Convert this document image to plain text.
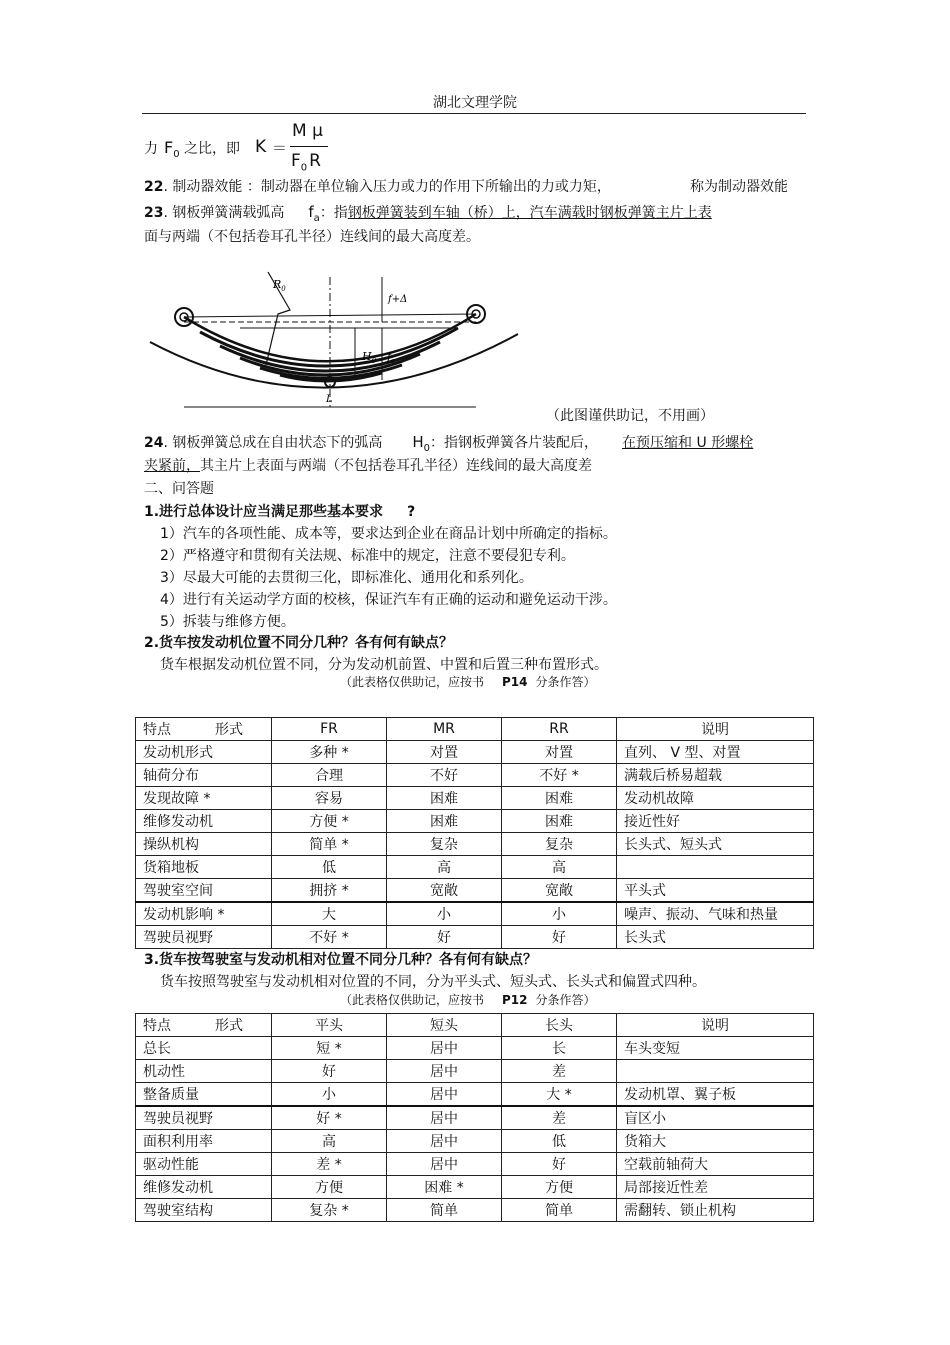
湖北文理学院
力 $F_0$ 之比，即 K ＝
M μ
$F_0$ R
22. 制动器效能 ：制动器在单位输入压力或力的作用下所输出的力或力矩，	称为制动器效能
23. 钢板弹簧满载弧高 $f_a$：指钢板弹簧装到车轴（桥）上，汽车满载时钢板弹簧主片上表
面与两端（不包括卷耳孔半径）连线间的最大高度差。
$R_0$
f+Δ
$H_0$ $f_c$
L
（此图谨供助记，不用画）
24. 钢板弹簧总成在自由状态下的弧高 $H_0$：指钢板弹簧各片装配后， 在预压缩和 U 形螺栓
夹紧前，其主片上表面与两端（不包括卷耳孔半径）连线间的最大高度差
二、问答题
1.进行总体设计应当满足那些基本要求 ?
1）汽车的各项性能、成本等，要求达到企业在商品计划中所确定的指标。
2）严格遵守和贯彻有关法规、标准中的规定，注意不要侵犯专利。
3）尽最大可能的去贯彻三化，即标准化、通用化和系列化。
4）进行有关运动学方面的校核，保证汽车有正确的运动和避免运动干涉。
5）拆装与维修方便。
2.货车按发动机位置不同分几种？各有何有缺点？
货车根据发动机位置不同，分为发动机前置、中置和后置三种布置形式。
（此表格仅供助记，应按书 P14 分条作答）
特点 形式	FR	MR	RR	说明
发动机形式	多种 *	对置	对置	直列、 V 型、对置
轴荷分布	合理	不好	不好 *	满载后桥易超载
发现故障 *	容易	困难	困难	发动机故障
维修发动机	方便 *	困难	困难	接近性好
操纵机构	简单 *	复杂	复杂	长头式、短头式
货箱地板	低	高	高	
驾驶室空间	拥挤 *	宽敞	宽敞	平头式
发动机影响 *	大	小	小	噪声、振动、气味和热量
驾驶员视野	不好 *	好	好	长头式
3.货车按驾驶室与发动机相对位置不同分几种？各有何有缺点？
货车按照驾驶室与发动机相对位置的不同，分为平头式、短头式、长头式和偏置式四种。
（此表格仅供助记，应按书 P12 分条作答）
特点 形式	平头	短头	长头	说明
总长	短 *	居中	长	车头变短
机动性	好	居中	差	
整备质量	小	居中	大 *	发动机罩、翼子板
驾驶员视野	好 *	居中	差	盲区小
面积利用率	高	居中	低	货箱大
驱动性能	差 *	居中	好	空载前轴荷大
维修发动机	方便	困难 *	方便	局部接近性差
驾驶室结构	复杂 *	简单	简单	需翻转、锁止机构
